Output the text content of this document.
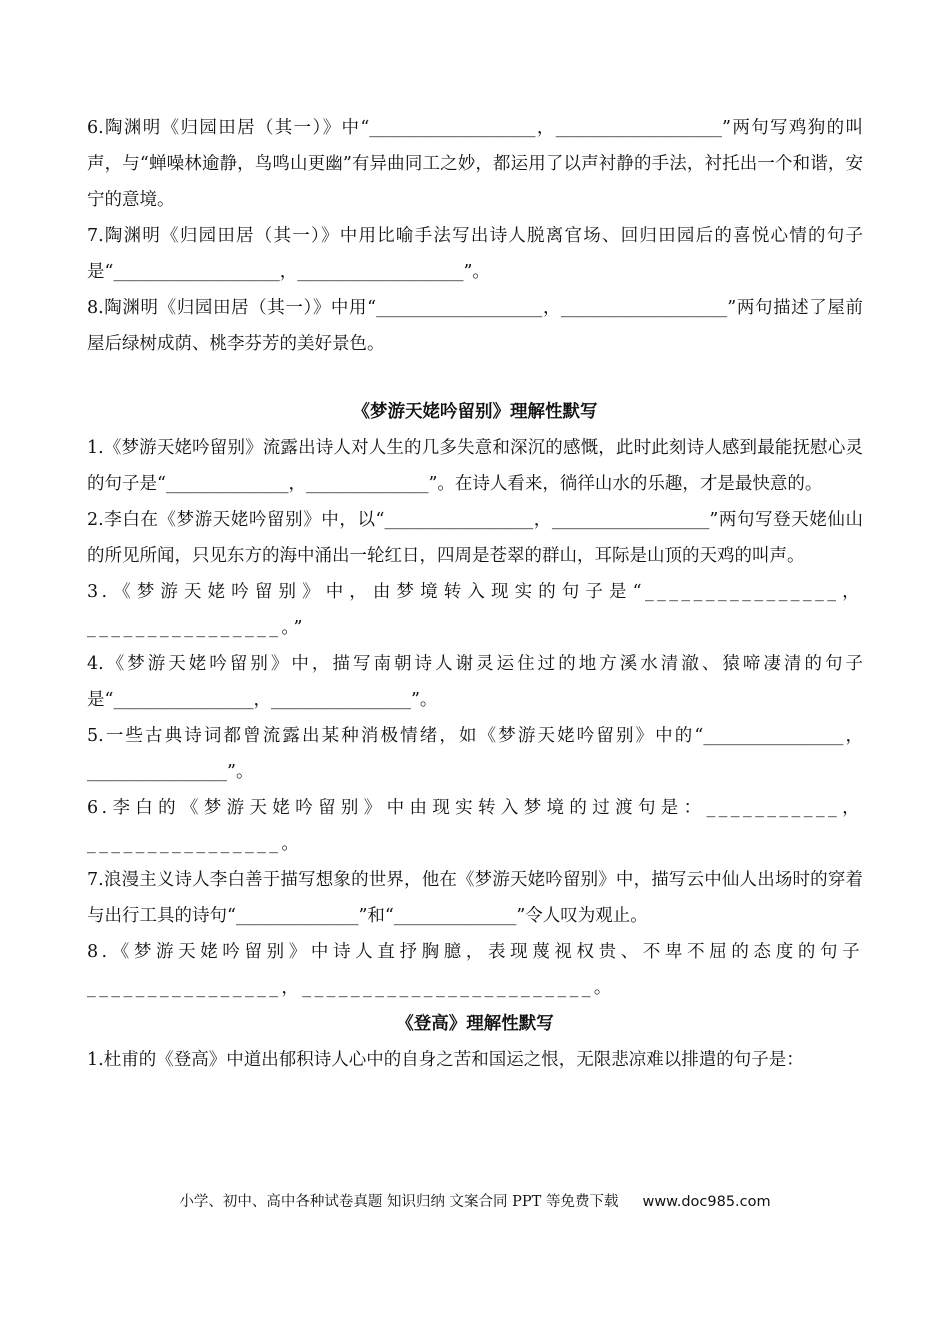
6.陶渊明《归园田居（其一）》中“___________________，___________________”两句写鸡狗的叫声，与“蝉噪林逾静，鸟鸣山更幽”有异曲同工之妙，都运用了以声衬静的手法，衬托出一个和谐，安宁的意境。

7.陶渊明《归园田居（其一）》中用比喻手法写出诗人脱离官场、回归田园后的喜悦心情的句子是“___________________，___________________”。

8.陶渊明《归园田居（其一）》中用“___________________，___________________”两句描述了屋前屋后绿树成荫、桃李芬芳的美好景色。

《梦游天姥吟留别》理解性默写

1.《梦游天姥吟留别》流露出诗人对人生的几多失意和深沉的感慨，此时此刻诗人感到最能抚慰心灵的句子是“______________，______________”。在诗人看来，徜徉山水的乐趣，才是最快意的。

2.李白在《梦游天姥吟留别》中，以“_________________，__________________”两句写登天姥仙山的所见所闻，只见东方的海中涌出一轮红日，四周是苍翠的群山，耳际是山顶的天鸡的叫声。

3.《梦游天姥吟留别》中，由梦境转入现实的句子是“________________，________________。”

4.《梦游天姥吟留别》中，描写南朝诗人谢灵运住过的地方溪水清澈、猿啼凄清的句子是“________________，________________”。

5.一些古典诗词都曾流露出某种消极情绪，如《梦游天姥吟留别》中的“________________，________________”。

6.李白的《梦游天姥吟留别》中由现实转入梦境的过渡句是：___________，________________。

7.浪漫主义诗人李白善于描写想象的世界，他在《梦游天姥吟留别》中，描写云中仙人出场时的穿着与出行工具的诗句“______________”和“______________”令人叹为观止。

8.《梦游天姥吟留别》中诗人直抒胸臆，表现蔑视权贵、不卑不屈的态度的句子________________，________________________。

《登高》理解性默写

1.杜甫的《登高》中道出郁积诗人心中的自身之苦和国运之恨，无限悲凉难以排遣的句子是：

小学、初中、高中各种试卷真题 知识归纳 文案合同 PPT 等免费下载 www.doc985.com
